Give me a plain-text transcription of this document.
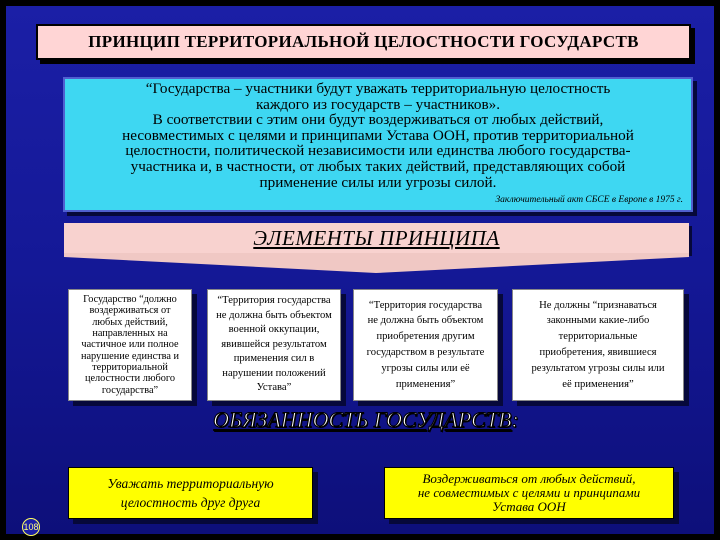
ПРИНЦИП ТЕРРИТОРИАЛЬНОЙ ЦЕЛОСТНОСТИ ГОСУДАРСТВ
“Государства – участники будут уважать территориальную целостность
каждого из государств – участников».
В соответствии с этим они будут воздерживаться от любых действий,
несовместимых с целями и принципами Устава ООН, против территориальной
целостности, политической независимости или единства любого государства-
участника и, в частности, от любых таких действий, представляющих собой
применение силы или угрозы силой.
Заключительный акт СБСЕ в Европе в 1975 г.
ЭЛЕМЕНТЫ ПРИНЦИПА
Государство “должно
воздерживаться от
любых действий,
направленных на
частичное или полное
нарушение единства и
территориальной
целостности любого
государства”
“Территория государства
не должна быть объектом
военной оккупации,
явившейся результатом
применения сил в
нарушении положений
Устава”
“Территория государства
не должна быть объектом
приобретения другим
государством в результате
угрозы силы или её
применения”
Не должны “признаваться
законными какие-либо
территориальные
приобретения, явившиеся
результатом угрозы силы или
её применения”
ОБЯЗАННОСТЬ ГОСУДАРСТВ:
Уважать территориальную
целостность друг друга
Воздерживаться от любых действий,
не совместимых с целями и принципами
Устава ООН
108
